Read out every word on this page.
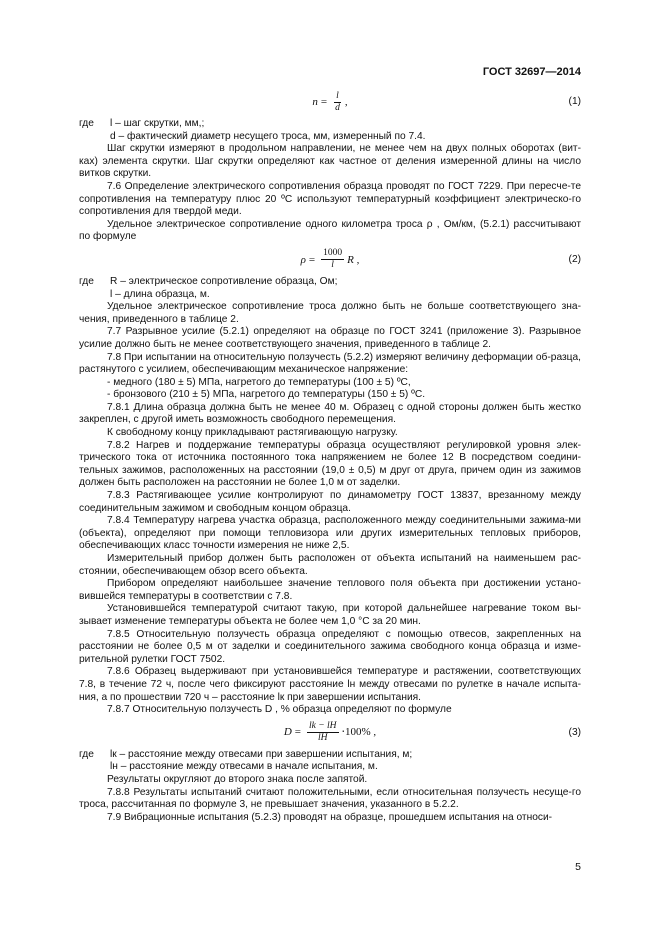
ГОСТ 32697—2014
$n = \frac{l}{d}$ ,	(1)
где l – шаг скрутки, мм,;
d – фактический диаметр несущего троса, мм, измеренный по 7.4.

Шаг скрутки измеряют в продольном направлении, не менее чем на двух полных оборотах (вит-ках) элемента скрутки. Шаг скрутки определяют как частное от деления измеренной длины на число витков скрутки.

7.6 Определение электрического сопротивления образца проводят по ГОСТ 7229. При пересче-те сопротивления на температуру плюс 20 ºС используют температурный коэффициент электрическо-го сопротивления для твердой меди.

Удельное электрическое сопротивление одного километра троса ρ , Ом/км, (5.2.1) рассчитывают по формуле

$\rho = \frac{1000}{l}$ R ,	(2)
где R – электрическое сопротивление образца, Ом;
l – длина образца, м.

Удельное электрическое сопротивление троса должно быть не больше соответствующего зна-чения, приведенного в таблице 2.

7.7 Разрывное усилие (5.2.1) определяют на образце по ГОСТ 3241 (приложение 3). Разрывное усилие должно быть не менее соответствующего значения, приведенного в таблице 2.

7.8 При испытании на относительную ползучесть (5.2.2) измеряют величину деформации об-разца, растянутого с усилием, обеспечивающим механическое напряжение:

- медного (180 ± 5) МПа, нагретого до температуры (100 ± 5) ºС,

- бронзового (210 ± 5) МПа, нагретого до температуры (150 ± 5) ºС.

7.8.1 Длина образца должна быть не менее 40 м. Образец с одной стороны должен быть жестко закреплен, с другой иметь возможность свободного перемещения.

К свободному концу прикладывают растягивающую нагрузку.

7.8.2 Нагрев и поддержание температуры образца осуществляют регулировкой уровня элек-трического тока от источника постоянного тока напряжением не более 12 В посредством соедини-тельных зажимов, расположенных на расстоянии (19,0 ± 0,5) м друг от друга, причем один из зажимов должен быть расположен на расстоянии не более 1,0 м от заделки.

7.8.3 Растягивающее усилие контролируют по динамометру ГОСТ 13837, врезанному между соединительным зажимом и свободным концом образца.

7.8.4 Температуру нагрева участка образца, расположенного между соединительными зажима-ми (объекта), определяют при помощи тепловизора или других измерительных тепловых приборов, обеспечивающих класс точности измерения не ниже 2,5.

Измерительный прибор должен быть расположен от объекта испытаний на наименьшем рас-стоянии, обеспечивающем обзор всего объекта.

Прибором определяют наибольшее значение теплового поля объекта при достижении устано-вившейся температуры в соответствии с 7.8.

Установившейся температурой считают такую, при которой дальнейшее нагревание током вы-зывает изменение температуры объекта не более чем 1,0 °С за 20 мин.

7.8.5 Относительную ползучесть образца определяют с помощью отвесов, закрепленных на расстоянии не более 0,5 м от заделки и соединительного зажима свободного конца образца и изме-рительной рулетки ГОСТ 7502.

7.8.6 Образец выдерживают при установившейся температуре и растяжении, соответствующих 7.8, в течение 72 ч, после чего фиксируют расстояние lн между отвесами по рулетке в начале испыта-ния, а по прошествии 720 ч – расстояние lк при завершении испытания.

7.8.7 Относительную ползучесть D , % образца определяют по формуле

$D = \frac{lk - lH}{lH} \cdot 100\%$ ,	(3)
где lк – расстояние между отвесами при завершении испытания, м;
lн – расстояние между отвесами в начале испытания, м.

Результаты округляют до второго знака после запятой.

7.8.8 Результаты испытаний считают положительными, если относительная ползучесть несуще-го троса, рассчитанная по формуле 3, не превышает значения, указанного в 5.2.2.

7.9 Вибрационные испытания (5.2.3) проводят на образце, прошедшем испытания на относи-

5
